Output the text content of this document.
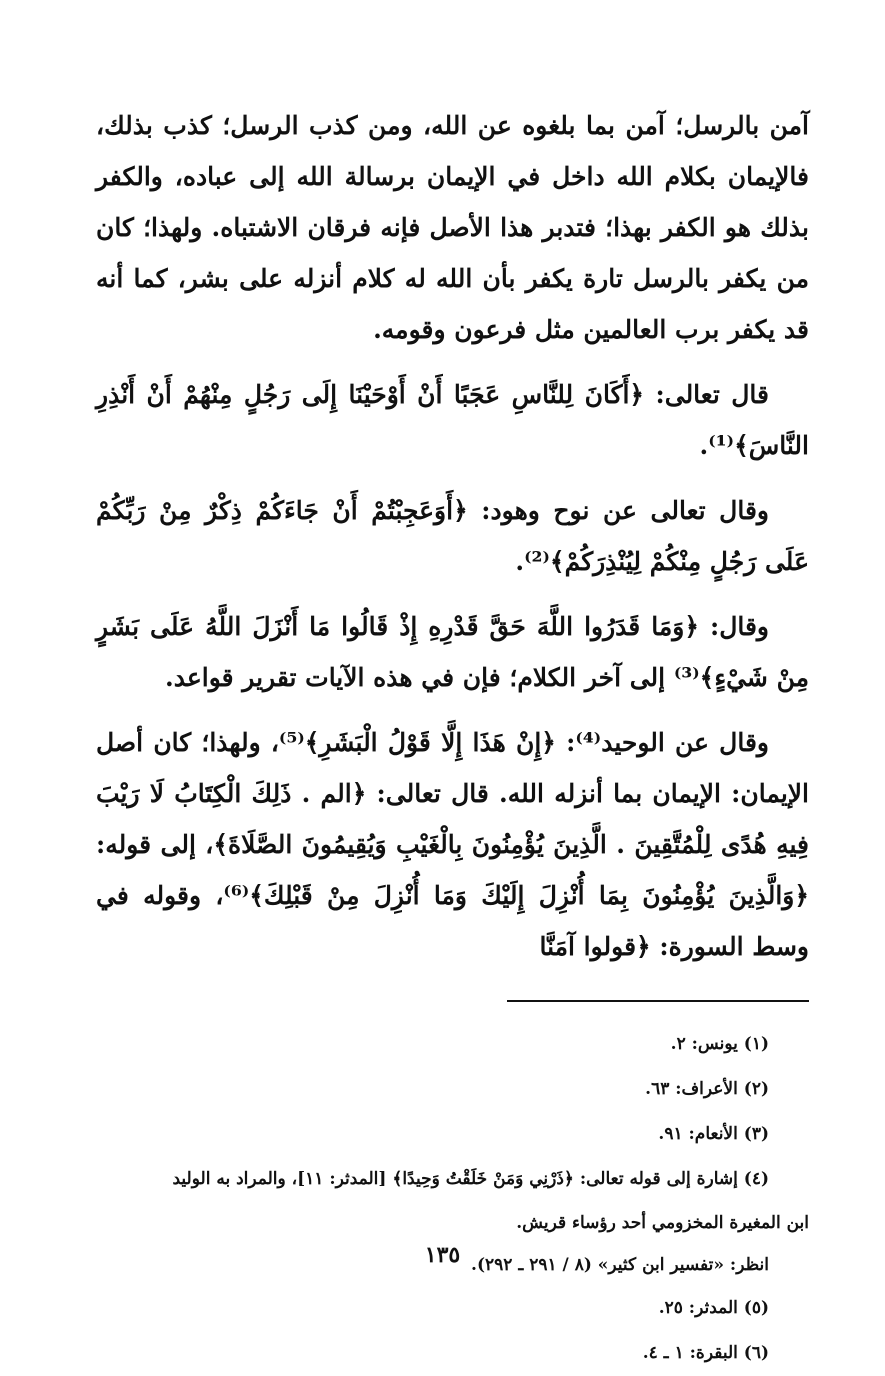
آمن بالرسل؛ آمن بما بلغوه عن الله، ومن كذب الرسل؛ كذب بذلك، فالإيمان بكلام الله داخل في الإيمان برسالة الله إلى عباده، والكفر بذلك هو الكفر بهذا؛ فتدبر هذا الأصل فإنه فرقان الاشتباه. ولهذا؛ كان من يكفر بالرسل تارة يكفر بأن الله له كلام أنزله على بشر، كما أنه قد يكفر برب العالمين مثل فرعون وقومه.

قال تعالى: ﴿أَكَانَ لِلنَّاسِ عَجَبًا أَنْ أَوْحَيْنَا إِلَى رَجُلٍ مِنْهُمْ أَنْ أَنْذِرِ النَّاسَ﴾⁽¹⁾.

وقال تعالى عن نوح وهود: ﴿أَوَعَجِبْتُمْ أَنْ جَاءَكُمْ ذِكْرٌ مِنْ رَبِّكُمْ عَلَى رَجُلٍ مِنْكُمْ لِيُنْذِرَكُمْ﴾⁽²⁾.

وقال: ﴿وَمَا قَدَرُوا اللَّهَ حَقَّ قَدْرِهِ إِذْ قَالُوا مَا أَنْزَلَ اللَّهُ عَلَى بَشَرٍ مِنْ شَيْءٍ﴾⁽³⁾ إلى آخر الكلام؛ فإن في هذه الآيات تقرير قواعد.

وقال عن الوحيد⁽⁴⁾: ﴿إِنْ هَذَا إِلَّا قَوْلُ الْبَشَرِ﴾⁽⁵⁾، ولهذا؛ كان أصل الإيمان: الإيمان بما أنزله الله. قال تعالى: ﴿الم . ذَلِكَ الْكِتَابُ لَا رَيْبَ فِيهِ هُدًى لِلْمُتَّقِينَ . الَّذِينَ يُؤْمِنُونَ بِالْغَيْبِ وَيُقِيمُونَ الصَّلَاةَ﴾، إلى قوله: ﴿وَالَّذِينَ يُؤْمِنُونَ بِمَا أُنْزِلَ إِلَيْكَ وَمَا أُنْزِلَ مِنْ قَبْلِكَ﴾⁽⁶⁾، وقوله في وسط السورة: ﴿قولوا آمَنَّا

(١) يونس: ٢.
(٢) الأعراف: ٦٣.
(٣) الأنعام: ٩١.
(٤) إشارة إلى قوله تعالى: ﴿ذَرْنِي وَمَنْ خَلَقْتُ وَحِيدًا﴾ [المدثر: ١١]، والمراد به الوليد
ابن المغيرة المخزومي أحد رؤساء قريش.
انظر: «تفسير ابن كثير» (٨ / ٢٩١ ـ ٢٩٢).
(٥) المدثر: ٢٥.
(٦) البقرة: ١ ـ ٤.
١٣٥
